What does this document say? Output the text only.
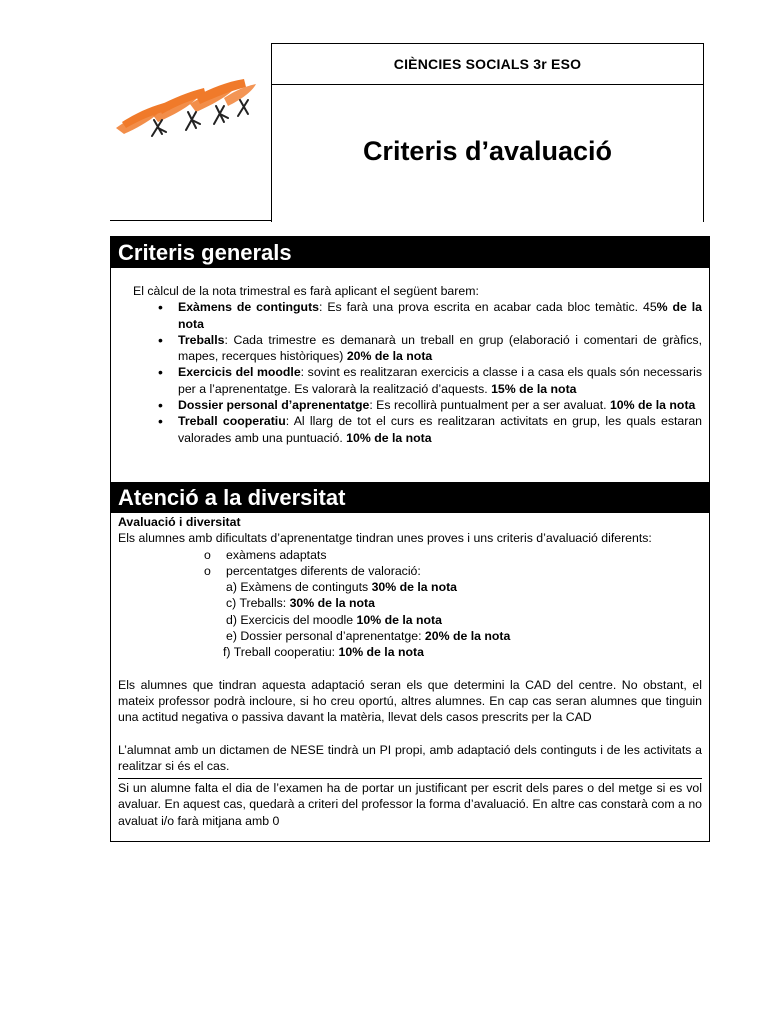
CIÈNCIES SOCIALS 3r ESO
Criteris d’avaluació
Criteris generals
El càlcul de la nota trimestral es farà aplicant el següent barem:
• Exàmens de continguts: Es farà una prova escrita en acabar cada bloc temàtic. 45% de la nota
• Treballs: Cada trimestre es demanarà un treball en grup (elaboració i comentari de gràfics, mapes, recerques històriques) 20% de la nota
• Exercicis del moodle: sovint es realitzaran exercicis a classe i a casa els quals són necessaris per a l’aprenentatge. Es valorarà la realització d’aquests. 15% de la nota
• Dossier personal d’aprenentatge: Es recollirà puntualment per a ser avaluat. 10% de la nota
• Treball cooperatiu: Al llarg de tot el curs es realitzaran activitats en grup, les quals estaran valorades amb una puntuació. 10% de la nota
Atenció a la diversitat
Avaluació i diversitat

Els alumnes amb dificultats d’aprenentatge tindran unes proves i uns criteris d’avaluació diferents:

o exàmens adaptats
o percentatges diferents de valoració:
a) Exàmens de continguts 30% de la nota
c) Treballs: 30% de la nota
d) Exercicis del moodle 10% de la nota
e) Dossier personal d’aprenentatge: 20% de la nota
f) Treball cooperatiu: 10% de la nota

Els alumnes que tindran aquesta adaptació seran els que determini la CAD del centre. No obstant, el mateix professor podrà incloure, si ho creu oportú, altres alumnes. En cap cas seran alumnes que tinguin una actitud negativa o passiva davant la matèria, llevat dels casos prescrits per la CAD

L’alumnat amb un dictamen de NESE tindrà un PI propi, amb adaptació dels continguts i de les activitats a realitzar si és el cas.

Si un alumne falta el dia de l’examen ha de portar un justificant per escrit dels pares o del metge si es vol avaluar. En aquest cas, quedarà a criteri del professor la forma d’avaluació. En altre cas constarà com a no avaluat i/o farà mitjana amb 0
